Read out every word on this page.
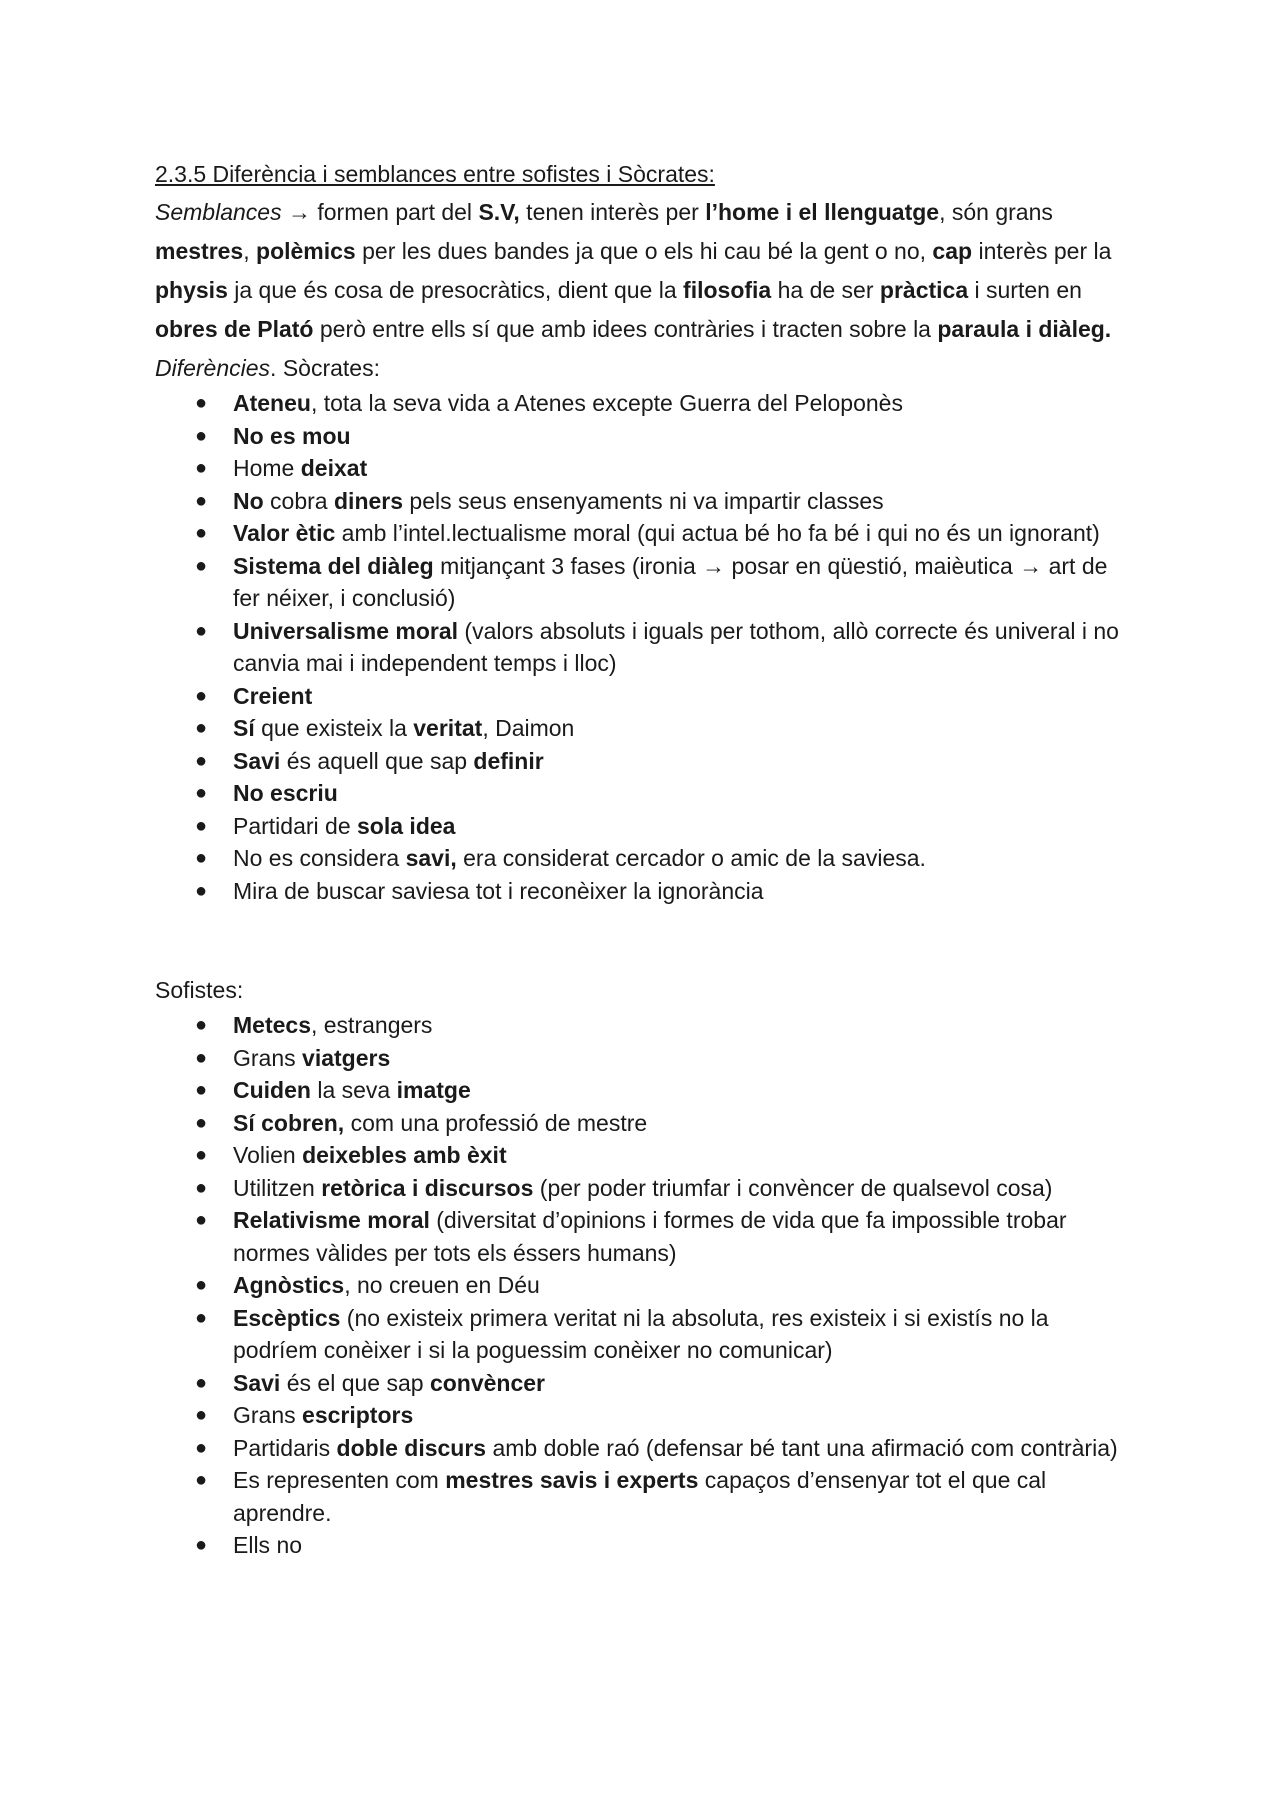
2.3.5 Diferència i semblances entre sofistes i Sòcrates:

Semblances → formen part del S.V, tenen interès per l’home i el llenguatge, són grans mestres, polèmics per les dues bandes ja que o els hi cau bé la gent o no, cap interès per la physis ja que és cosa de presocràtics, dient que la filosofia ha de ser pràctica i surten en obres de Plató però entre ells sí que amb idees contràries i tracten sobre la paraula i diàleg.

Diferències. Sòcrates:

● Ateneu, tota la seva vida a Atenes excepte Guerra del Peloponès
● No es mou
● Home deixat
● No cobra diners pels seus ensenyaments ni va impartir classes
● Valor ètic amb l’intel.lectualisme moral (qui actua bé ho fa bé i qui no és un ignorant)
● Sistema del diàleg mitjançant 3 fases (ironia → posar en qüestió, maièutica → art de fer néixer, i conclusió)
● Universalisme moral (valors absoluts i iguals per tothom, allò correcte és univeral i no canvia mai i independent temps i lloc)
● Creient
● Sí que existeix la veritat, Daimon
● Savi és aquell que sap definir
● No escriu
● Partidari de sola idea
● No es considera savi, era considerat cercador o amic de la saviesa.
● Mira de buscar saviesa tot i reconèixer la ignorància

Sofistes:

● Metecs, estrangers
● Grans viatgers
● Cuiden la seva imatge
● Sí cobren, com una professió de mestre
● Volien deixebles amb èxit
● Utilitzen retòrica i discursos (per poder triumfar i convèncer de qualsevol cosa)
● Relativisme moral (diversitat d’opinions i formes de vida que fa impossible trobar normes vàlides per tots els éssers humans)
● Agnòstics, no creuen en Déu
● Escèptics (no existeix primera veritat ni la absoluta, res existeix i si existís no la podríem conèixer i si la poguessim conèixer no comunicar)
● Savi és el que sap convèncer
● Grans escriptors
● Partidaris doble discurs amb doble raó (defensar bé tant una afirmació com contrària)
● Es representen com mestres savis i experts capaços d’ensenyar tot el que cal aprendre.
● Ells no
